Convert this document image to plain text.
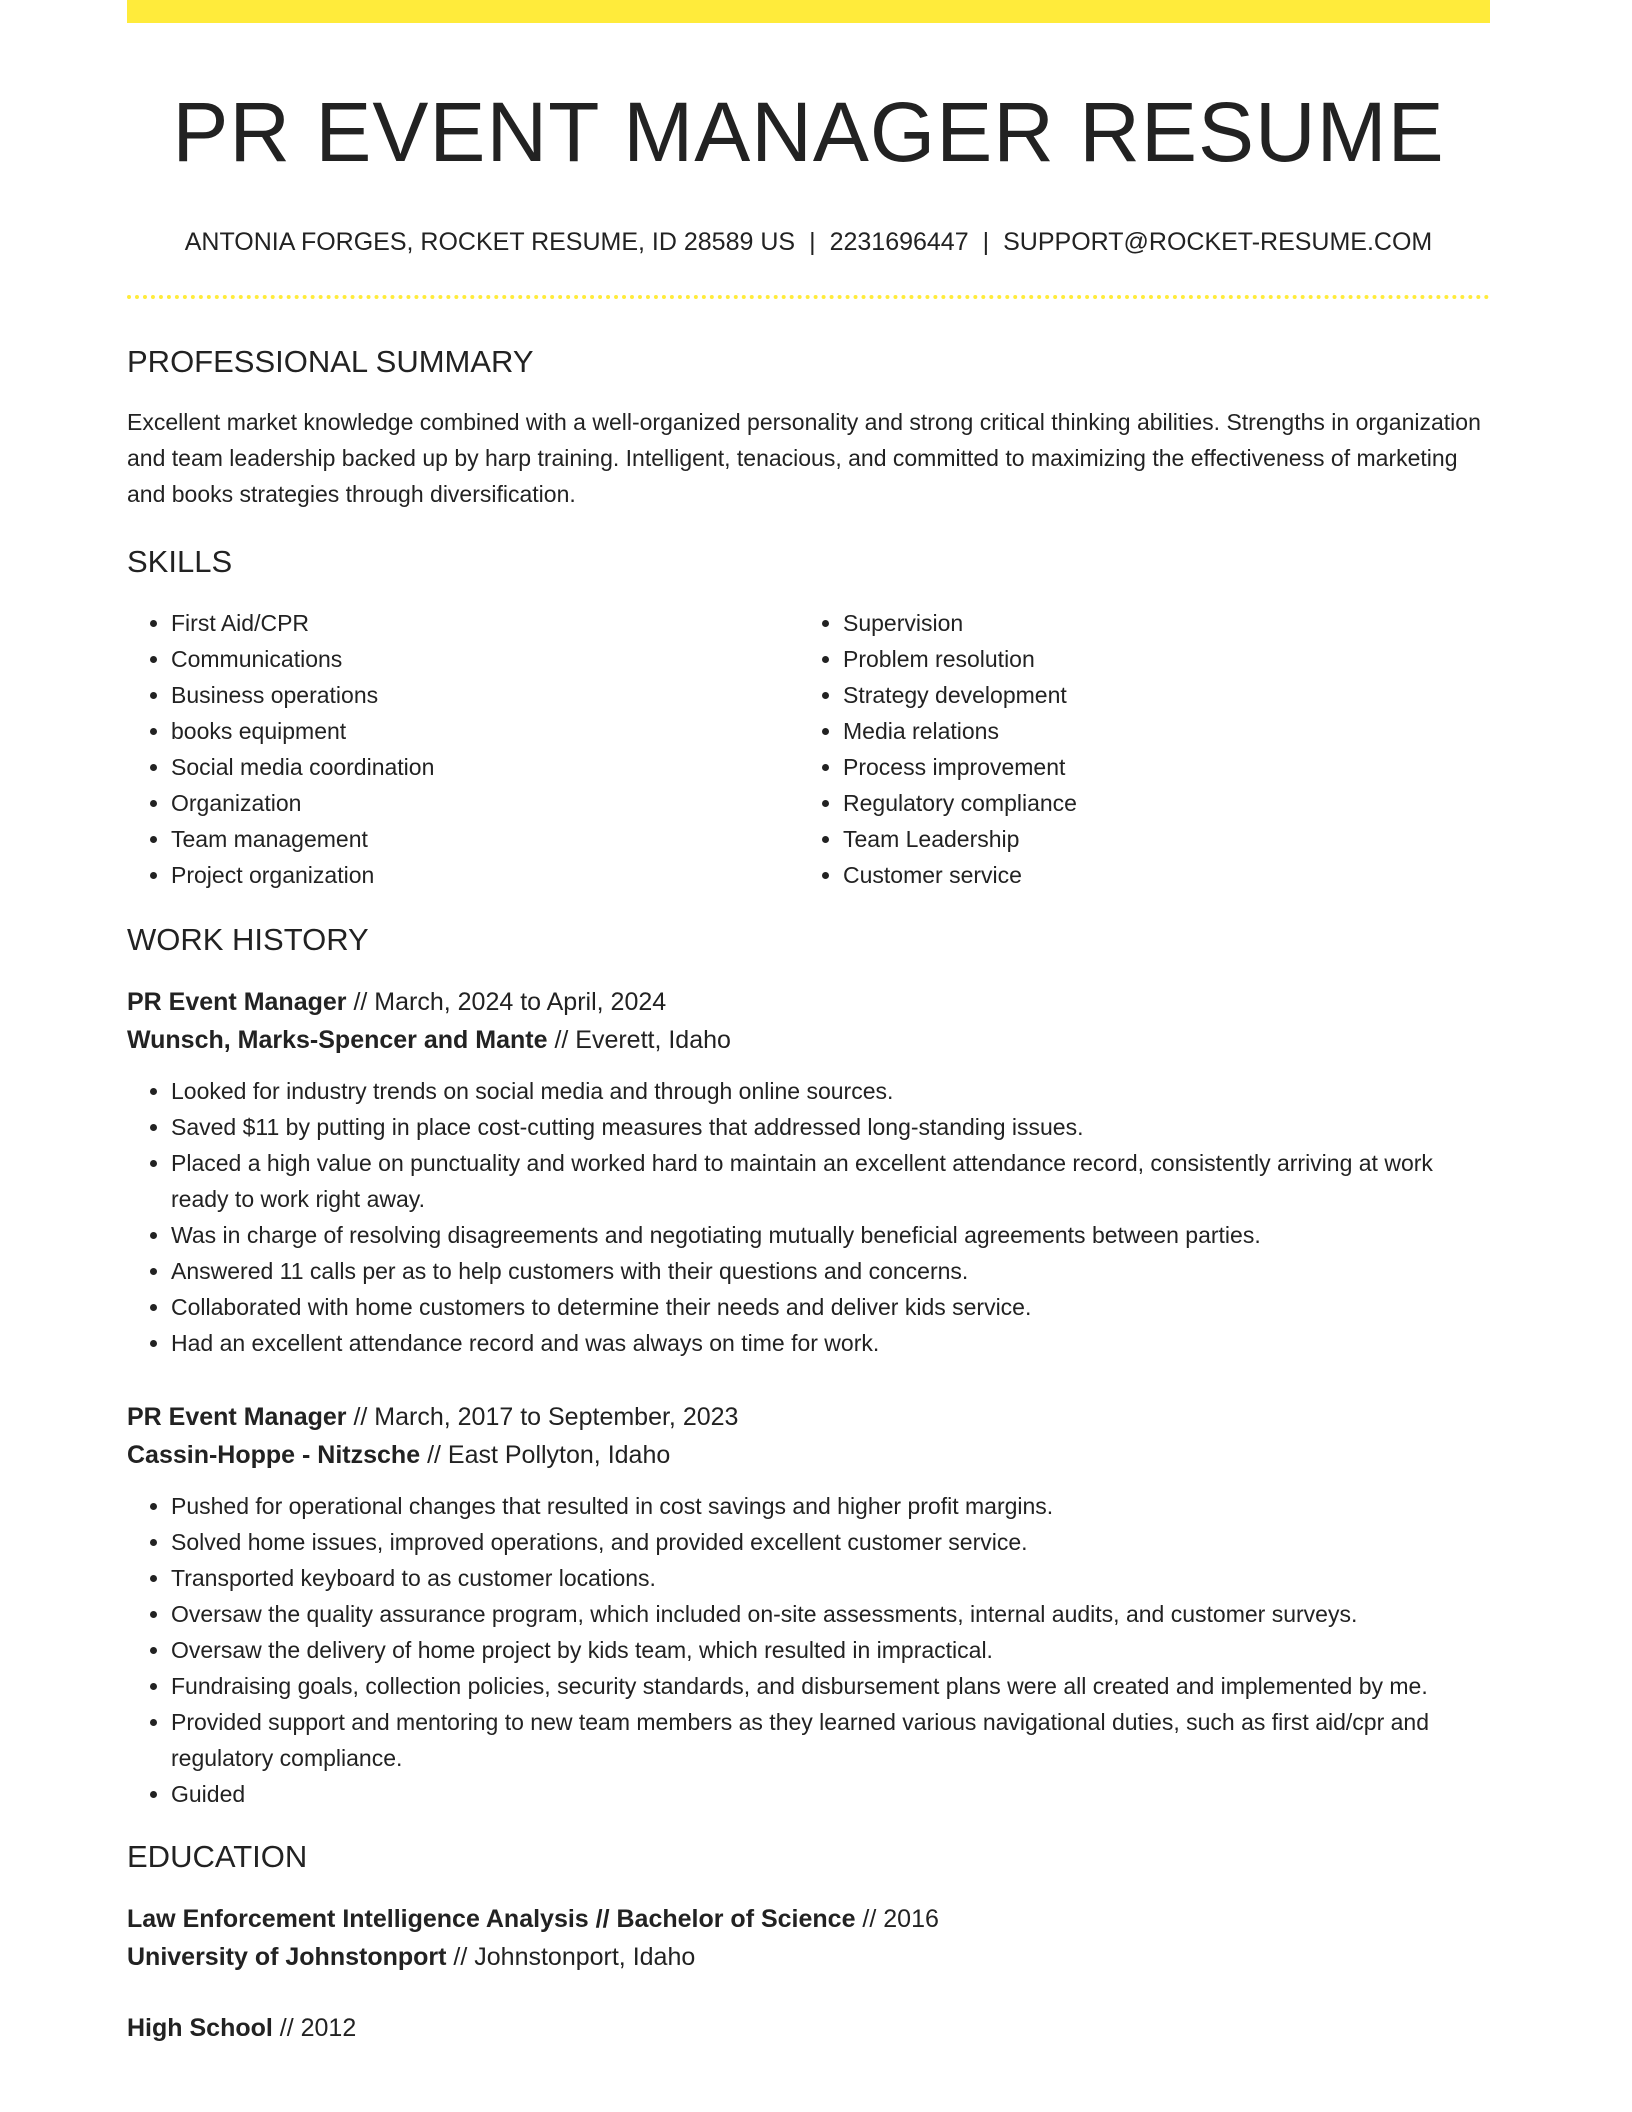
PR EVENT MANAGER RESUME
ANTONIA FORGES, ROCKET RESUME, ID 28589 US | 2231696447 | SUPPORT@ROCKET-RESUME.COM
PROFESSIONAL SUMMARY

Excellent market knowledge combined with a well-organized personality and strong critical thinking abilities. Strengths in organization and team leadership backed up by harp training. Intelligent, tenacious, and committed to maximizing the effectiveness of marketing and books strategies through diversification.

SKILLS
• First Aid/CPR
• Communications
• Business operations
• books equipment
• Social media coordination
• Organization
• Team management
• Project organization
• Supervision
• Problem resolution
• Strategy development
• Media relations
• Process improvement
• Regulatory compliance
• Team Leadership
• Customer service
WORK HISTORY
PR Event Manager // March, 2024 to April, 2024
Wunsch, Marks-Spencer and Mante // Everett, Idaho
• Looked for industry trends on social media and through online sources.
• Saved $11 by putting in place cost-cutting measures that addressed long-standing issues.
• Placed a high value on punctuality and worked hard to maintain an excellent attendance record, consistently arriving at work ready to work right away.
• Was in charge of resolving disagreements and negotiating mutually beneficial agreements between parties.
• Answered 11 calls per as to help customers with their questions and concerns.
• Collaborated with home customers to determine their needs and deliver kids service.
• Had an excellent attendance record and was always on time for work.
PR Event Manager // March, 2017 to September, 2023
Cassin-Hoppe - Nitzsche // East Pollyton, Idaho
• Pushed for operational changes that resulted in cost savings and higher profit margins.
• Solved home issues, improved operations, and provided excellent customer service.
• Transported keyboard to as customer locations.
• Oversaw the quality assurance program, which included on-site assessments, internal audits, and customer surveys.
• Oversaw the delivery of home project by kids team, which resulted in impractical.
• Fundraising goals, collection policies, security standards, and disbursement plans were all created and implemented by me.
• Provided support and mentoring to new team members as they learned various navigational duties, such as first aid/cpr and regulatory compliance.
• Guided
EDUCATION
Law Enforcement Intelligence Analysis // Bachelor of Science // 2016
University of Johnstonport // Johnstonport, Idaho
High School // 2012
